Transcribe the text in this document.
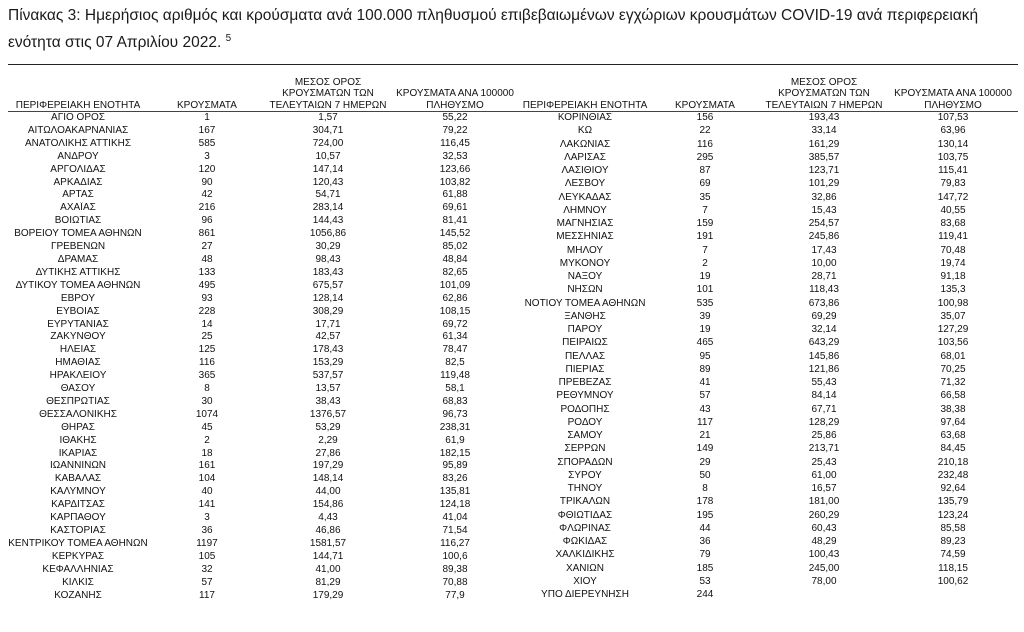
Πίνακας 3: Ημερήσιος αριθμός και κρούσματα ανά 100.000 πληθυσμού επιβεβαιωμένων εγχώριων κρουσμάτων COVID-19 ανά περιφερειακή ενότητα στις 07 Απριλίου 2022. $^5$
ΠΕΡΙΦΕΡΕΙΑΚΗ ΕΝΟΤΗΤΑ	ΚΡΟΥΣΜΑΤΑ	ΜΕΣΟΣ ΟΡΟΣ ΚΡΟΥΣΜΑΤΩΝ ΤΩΝ ΤΕΛΕΥΤΑΙΩΝ 7 ΗΜΕΡΩΝ	ΚΡΟΥΣΜΑΤΑ ΑΝΑ 100000 ΠΛΗΘΥΣΜΟ
ΑΓΙΟ ΟΡΟΣ	1	1,57	55,22
ΑΙΤΩΛΟΑΚΑΡΝΑΝΙΑΣ	167	304,71	79,22
ΑΝΑΤΟΛΙΚΗΣ ΑΤΤΙΚΗΣ	585	724,00	116,45
ΑΝΔΡΟΥ	3	10,57	32,53
ΑΡΓΟΛΙΔΑΣ	120	147,14	123,66
ΑΡΚΑΔΙΑΣ	90	120,43	103,82
ΑΡΤΑΣ	42	54,71	61,88
ΑΧΑΪΑΣ	216	283,14	69,61
ΒΟΙΩΤΙΑΣ	96	144,43	81,41
ΒΟΡΕΙΟΥ ΤΟΜΕΑ ΑΘΗΝΩΝ	861	1056,86	145,52
ΓΡΕΒΕΝΩΝ	27	30,29	85,02
ΔΡΑΜΑΣ	48	98,43	48,84
ΔΥΤΙΚΗΣ ΑΤΤΙΚΗΣ	133	183,43	82,65
ΔΥΤΙΚΟΥ ΤΟΜΕΑ ΑΘΗΝΩΝ	495	675,57	101,09
ΕΒΡΟΥ	93	128,14	62,86
ΕΥΒΟΙΑΣ	228	308,29	108,15
ΕΥΡΥΤΑΝΙΑΣ	14	17,71	69,72
ΖΑΚΥΝΘΟΥ	25	42,57	61,34
ΗΛΕΙΑΣ	125	178,43	78,47
ΗΜΑΘΙΑΣ	116	153,29	82,5
ΗΡΑΚΛΕΙΟΥ	365	537,57	119,48
ΘΑΣΟΥ	8	13,57	58,1
ΘΕΣΠΡΩΤΙΑΣ	30	38,43	68,83
ΘΕΣΣΑΛΟΝΙΚΗΣ	1074	1376,57	96,73
ΘΗΡΑΣ	45	53,29	238,31
ΙΘΑΚΗΣ	2	2,29	61,9
ΙΚΑΡΙΑΣ	18	27,86	182,15
ΙΩΑΝΝΙΝΩΝ	161	197,29	95,89
ΚΑΒΑΛΑΣ	104	148,14	83,26
ΚΑΛΥΜΝΟΥ	40	44,00	135,81
ΚΑΡΔΙΤΣΑΣ	141	154,86	124,18
ΚΑΡΠΑΘΟΥ	3	4,43	41,04
ΚΑΣΤΟΡΙΑΣ	36	46,86	71,54
ΚΕΝΤΡΙΚΟΥ ΤΟΜΕΑ ΑΘΗΝΩΝ	1197	1581,57	116,27
ΚΕΡΚΥΡΑΣ	105	144,71	100,6
ΚΕΦΑΛΛΗΝΙΑΣ	32	41,00	89,38
ΚΙΛΚΙΣ	57	81,29	70,88
ΚΟΖΑΝΗΣ	117	179,29	77,9
ΠΕΡΙΦΕΡΕΙΑΚΗ ΕΝΟΤΗΤΑ	ΚΡΟΥΣΜΑΤΑ	ΜΕΣΟΣ ΟΡΟΣ ΚΡΟΥΣΜΑΤΩΝ ΤΩΝ ΤΕΛΕΥΤΑΙΩΝ 7 ΗΜΕΡΩΝ	ΚΡΟΥΣΜΑΤΑ ΑΝΑ 100000 ΠΛΗΘΥΣΜΟ
ΚΟΡΙΝΘΙΑΣ	156	193,43	107,53
ΚΩ	22	33,14	63,96
ΛΑΚΩΝΙΑΣ	116	161,29	130,14
ΛΑΡΙΣΑΣ	295	385,57	103,75
ΛΑΣΙΘΙΟΥ	87	123,71	115,41
ΛΕΣΒΟΥ	69	101,29	79,83
ΛΕΥΚΑΔΑΣ	35	32,86	147,72
ΛΗΜΝΟΥ	7	15,43	40,55
ΜΑΓΝΗΣΙΑΣ	159	254,57	83,68
ΜΕΣΣΗΝΙΑΣ	191	245,86	119,41
ΜΗΛΟΥ	7	17,43	70,48
ΜΥΚΟΝΟΥ	2	10,00	19,74
ΝΑΞΟΥ	19	28,71	91,18
ΝΗΣΩΝ	101	118,43	135,3
ΝΟΤΙΟΥ ΤΟΜΕΑ ΑΘΗΝΩΝ	535	673,86	100,98
ΞΑΝΘΗΣ	39	69,29	35,07
ΠΑΡΟΥ	19	32,14	127,29
ΠΕΙΡΑΙΩΣ	465	643,29	103,56
ΠΕΛΛΑΣ	95	145,86	68,01
ΠΙΕΡΙΑΣ	89	121,86	70,25
ΠΡΕΒΕΖΑΣ	41	55,43	71,32
ΡΕΘΥΜΝΟΥ	57	84,14	66,58
ΡΟΔΟΠΗΣ	43	67,71	38,38
ΡΟΔΟΥ	117	128,29	97,64
ΣΑΜΟΥ	21	25,86	63,68
ΣΕΡΡΩΝ	149	213,71	84,45
ΣΠΟΡΑΔΩΝ	29	25,43	210,18
ΣΥΡΟΥ	50	61,00	232,48
ΤΗΝΟΥ	8	16,57	92,64
ΤΡΙΚΑΛΩΝ	178	181,00	135,79
ΦΘΙΩΤΙΔΑΣ	195	260,29	123,24
ΦΛΩΡΙΝΑΣ	44	60,43	85,58
ΦΩΚΙΔΑΣ	36	48,29	89,23
ΧΑΛΚΙΔΙΚΗΣ	79	100,43	74,59
ΧΑΝΙΩΝ	185	245,00	118,15
ΧΙΟΥ	53	78,00	100,62
ΥΠΟ ΔΙΕΡΕΥΝΗΣΗ	244		
